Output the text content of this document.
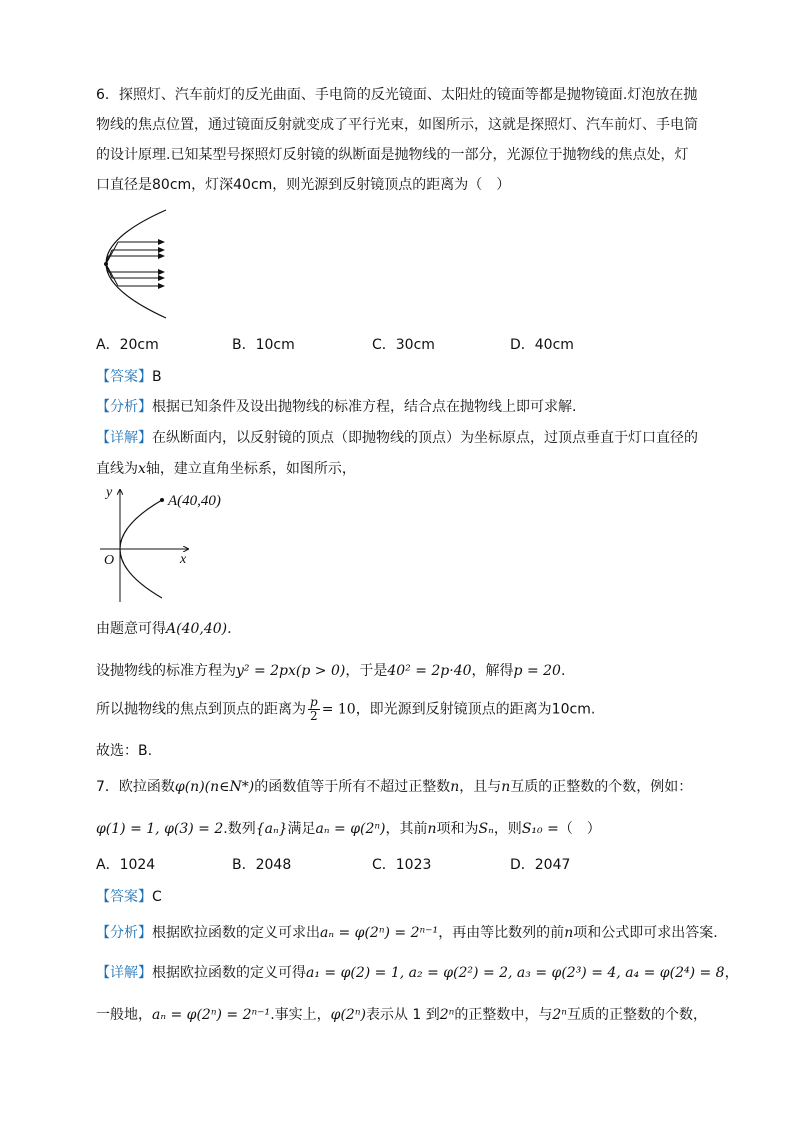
6．探照灯、汽车前灯的反光曲面、手电筒的反光镜面、太阳灶的镜面等都是抛物镜面.灯泡放在抛物线的焦点位置，通过镜面反射就变成了平行光束，如图所示，这就是探照灯、汽车前灯、手电筒的设计原理.已知某型号探照灯反射镜的纵断面是抛物线的一部分，光源位于抛物线的焦点处，灯口直径是80cm，灯深40cm，则光源到反射镜顶点的距离为（　）
A．20cm	B．10cm	C．30cm	D．40cm
【答案】B
【分析】根据已知条件及设出抛物线的标准方程，结合点在抛物线上即可求解.
【详解】在纵断面内，以反射镜的顶点（即抛物线的顶点）为坐标原点，过顶点垂直于灯口直径的
直线为x轴，建立直角坐标系，如图所示，
A(40,40)
x
y
O
由题意可得A(40,40).
设抛物线的标准方程为y² = 2px(p > 0)，于是40² = 2p·40，解得p = 20.
所以抛物线的焦点到顶点的距离为 $\frac{p}{2} = 10$，即光源到反射镜顶点的距离为10cm.
故选：B.
7．欧拉函数φ(n)(n∈N*)的函数值等于所有不超过正整数n，且与n互质的正整数的个数，例如：
φ(1) = 1, φ(3) = 2.数列{aₙ}满足aₙ = φ(2ⁿ)，其前n项和为Sₙ，则S₁₀ =（　）
A．1024	B．2048	C．1023	D．2047
【答案】C
【分析】根据欧拉函数的定义可求出aₙ = φ(2ⁿ) = 2ⁿ⁻¹，再由等比数列的前n项和公式即可求出答案.
【详解】根据欧拉函数的定义可得a₁ = φ(2) = 1, a₂ = φ(2²) = 2, a₃ = φ(2³) = 4, a₄ = φ(2⁴) = 8，
一般地，aₙ = φ(2ⁿ) = 2ⁿ⁻¹.事实上，φ(2ⁿ)表示从 1 到2ⁿ的正整数中，与2ⁿ互质的正整数的个数，
